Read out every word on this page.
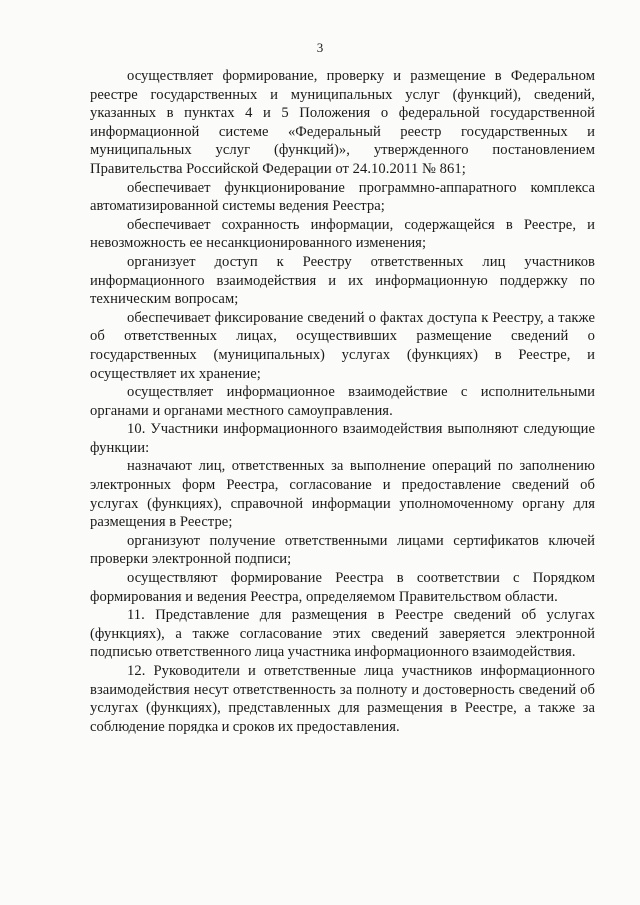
3

осуществляет формирование, проверку и размещение в Федеральном реестре государственных и муниципальных услуг (функций), сведений, указанных в пунктах 4 и 5 Положения о федеральной государственной информационной системе «Федеральный реестр государственных и муниципальных услуг (функций)», утвержденного постановлением Правительства Российской Федерации от 24.10.2011 № 861;

обеспечивает функционирование программно-аппаратного комплекса автоматизированной системы ведения Реестра;

обеспечивает сохранность информации, содержащейся в Реестре, и невозможность ее несанкционированного изменения;

организует доступ к Реестру ответственных лиц участников информационного взаимодействия и их информационную поддержку по техническим вопросам;

обеспечивает фиксирование сведений о фактах доступа к Реестру, а также об ответственных лицах, осуществивших размещение сведений о государственных (муниципальных) услугах (функциях) в Реестре, и осуществляет их хранение;

осуществляет информационное взаимодействие с исполнительными органами и органами местного самоуправления.

10. Участники информационного взаимодействия выполняют следующие функции:

назначают лиц, ответственных за выполнение операций по заполнению электронных форм Реестра, согласование и предоставление сведений об услугах (функциях), справочной информации уполномоченному органу для размещения в Реестре;

организуют получение ответственными лицами сертификатов ключей проверки электронной подписи;

осуществляют формирование Реестра в соответствии с Порядком формирования и ведения Реестра, определяемом Правительством области.

11. Представление для размещения в Реестре сведений об услугах (функциях), а также согласование этих сведений заверяется электронной подписью ответственного лица участника информационного взаимодействия.

12. Руководители и ответственные лица участников информационного взаимодействия несут ответственность за полноту и достоверность сведений об услугах (функциях), представленных для размещения в Реестре, а также за соблюдение порядка и сроков их предоставления.
